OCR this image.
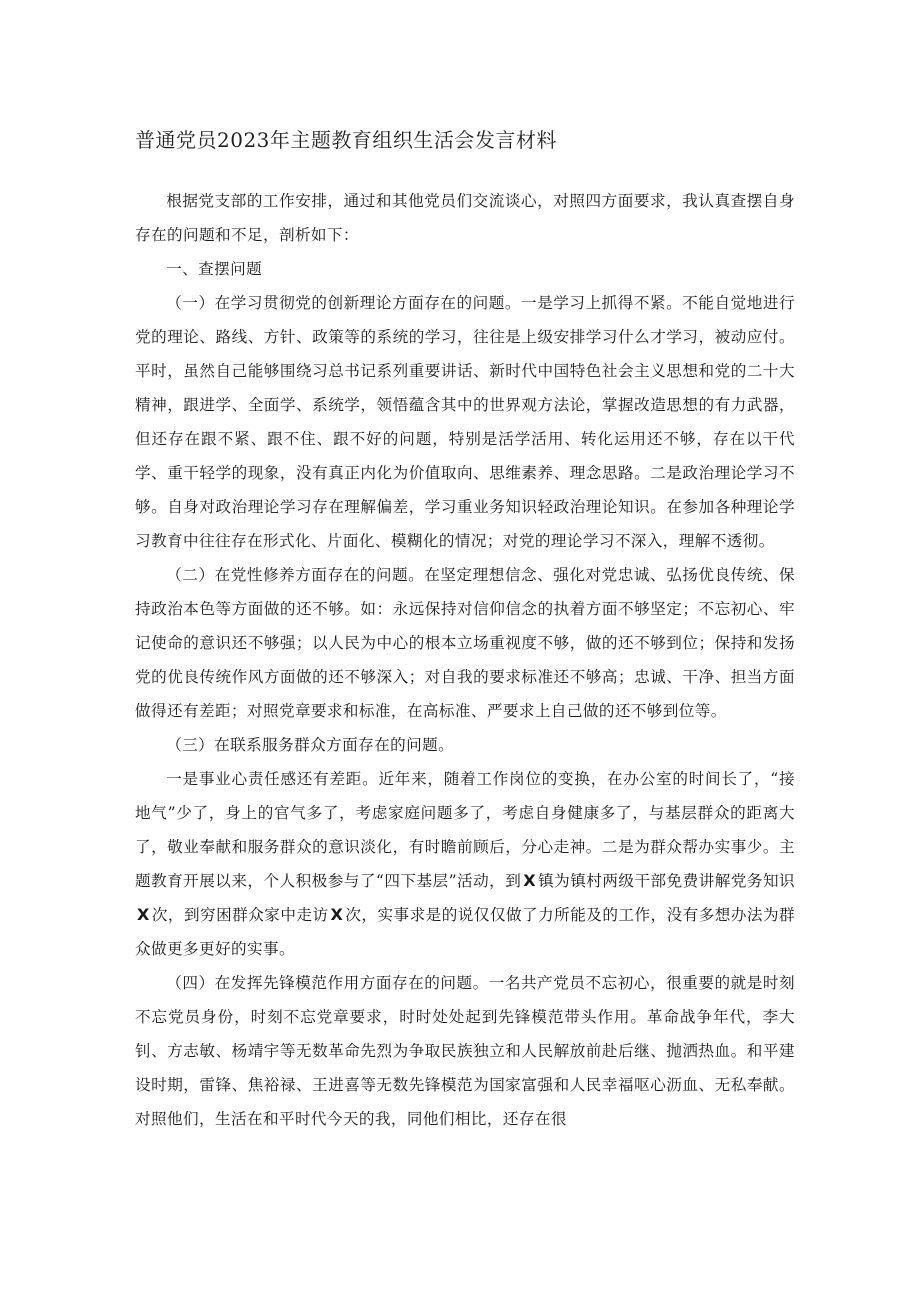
普通党员2023年主题教育组织生活会发言材料

根据党支部的工作安排，通过和其他党员们交流谈心，对照四方面要求，我认真查摆自身存在的问题和不足，剖析如下：

一、查摆问题

（一）在学习贯彻党的创新理论方面存在的问题。一是学习上抓得不紧。不能自觉地进行党的理论、路线、方针、政策等的系统的学习，往往是上级安排学习什么才学习，被动应付。平时，虽然自己能够围绕习总书记系列重要讲话、新时代中国特色社会主义思想和党的二十大精神，跟进学、全面学、系统学，领悟蕴含其中的世界观方法论，掌握改造思想的有力武器，但还存在跟不紧、跟不住、跟不好的问题，特别是活学活用、转化运用还不够，存在以干代学、重干轻学的现象，没有真正内化为价值取向、思维素养、理念思路。二是政治理论学习不够。自身对政治理论学习存在理解偏差，学习重业务知识轻政治理论知识。在参加各种理论学习教育中往往存在形式化、片面化、模糊化的情况；对党的理论学习不深入，理解不透彻。

（二）在党性修养方面存在的问题。在坚定理想信念、强化对党忠诚、弘扬优良传统、保持政治本色等方面做的还不够。如：永远保持对信仰信念的执着方面不够坚定；不忘初心、牢记使命的意识还不够强；以人民为中心的根本立场重视度不够，做的还不够到位；保持和发扬党的优良传统作风方面做的还不够深入；对自我的要求标准还不够高；忠诚、干净、担当方面做得还有差距；对照党章要求和标准，在高标准、严要求上自己做的还不够到位等。

（三）在联系服务群众方面存在的问题。

一是事业心责任感还有差距。近年来，随着工作岗位的变换，在办公室的时间长了，“接地气”少了，身上的官气多了，考虑家庭问题多了，考虑自身健康多了，与基层群众的距离大了，敬业奉献和服务群众的意识淡化，有时瞻前顾后，分心走神。二是为群众帮办实事少。主题教育开展以来，个人积极参与了“四下基层”活动，到 X 镇为镇村两级干部免费讲解党务知识X 次，到穷困群众家中走访 X 次，实事求是的说仅仅做了力所能及的工作，没有多想办法为群众做更多更好的实事。

（四）在发挥先锋模范作用方面存在的问题。一名共产党员不忘初心，很重要的就是时刻不忘党员身份，时刻不忘党章要求，时时处处起到先锋模范带头作用。革命战争年代，李大钊、方志敏、杨靖宇等无数革命先烈为争取民族独立和人民解放前赴后继、抛洒热血。和平建设时期，雷锋、焦裕禄、王进喜等无数先锋模范为国家富强和人民幸福呕心沥血、无私奉献。对照他们，生活在和平时代今天的我，同他们相比，还存在很
